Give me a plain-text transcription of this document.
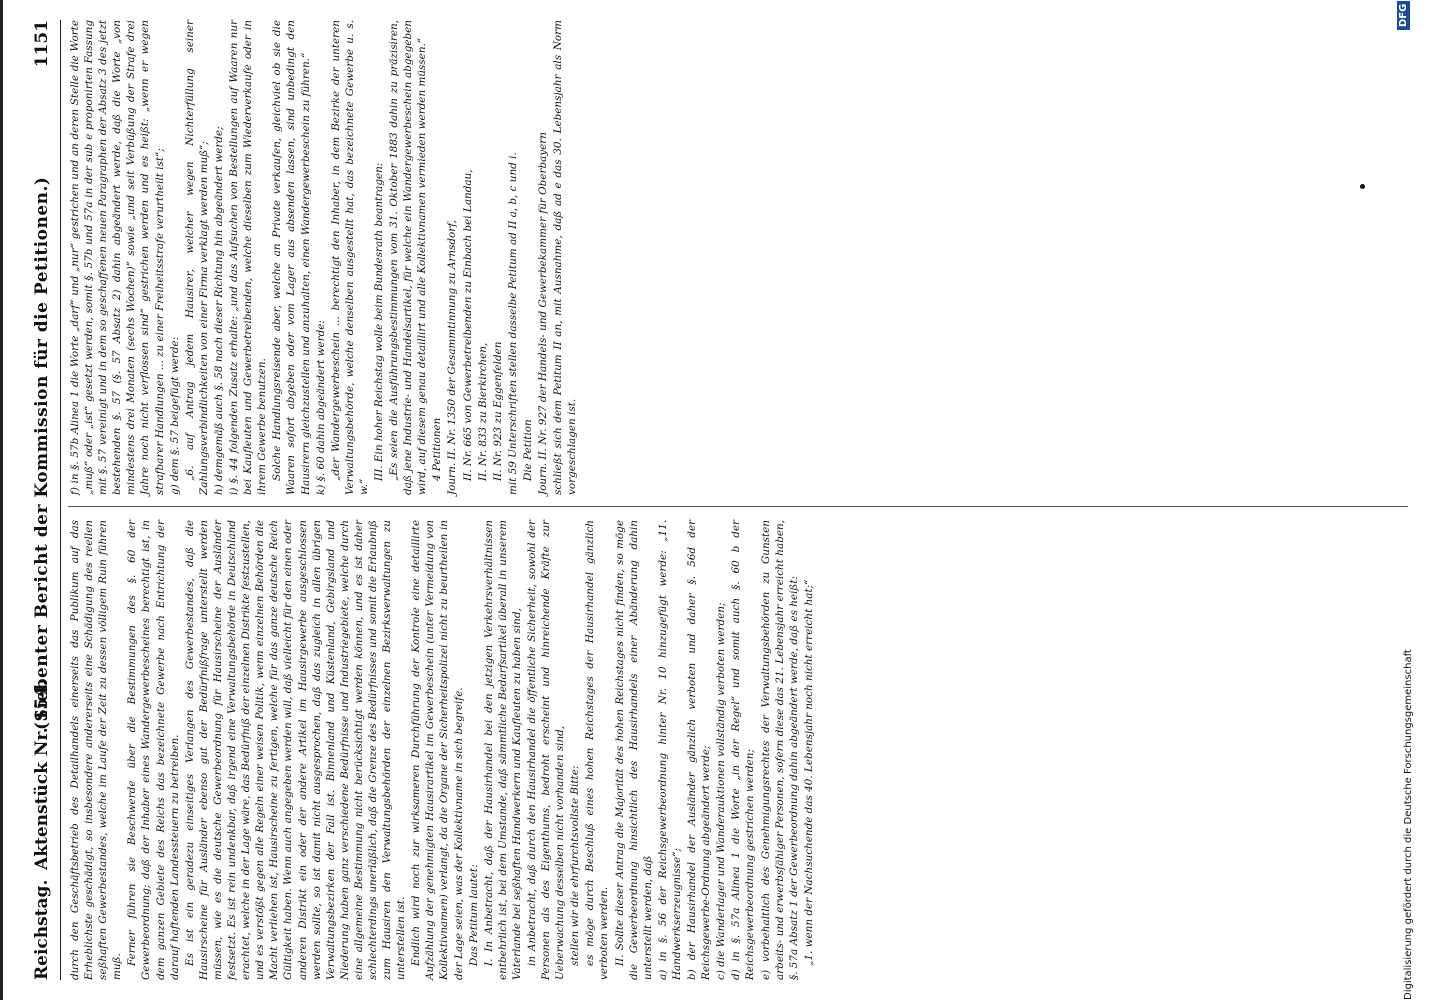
Reichstag.
Aktenstück Nr. 154.
(Siebenter Bericht der Kommission für die Petitionen.)
1151

durch den Geschäftsbetrieb des Detailhandels einerseits das Publikum auf das Erheblichste geschädigt, so insbesondere andererseits eine Schädigung des reellen seßhaften Gewerbestandes, welche im Laufe der Zeit zu dessen völligem Ruin führen muß.

Ferner führen sie Beschwerde über die Bestimmungen des §. 60 der Gewerbeordnung; daß der Inhaber eines Wandergewerbescheines berechtigt ist, in dem ganzen Gebiete des Reichs das bezeichnete Gewerbe nach Entrichtung der darauf haftenden Landessteuern zu betreiben. Es ist ein geradezu einseitiges Verlangen des Gewerbestandes, daß die Hausirscheine für Ausländer ebenso gut der Bedürfnißfrage unterstellt werden müssen, wie es die deutsche Gewerbeordnung für Hausirscheine der Ausländer festsetzt. Es ist rein undenkbar, daß irgend eine Verwaltungsbehörde in Deutschland erachtet, welche in der Lage wäre, das Bedürfniß der einzelnen Distrikte festzustellen, und es verstößt gegen alle Regeln einer weisen Politik, wenn einzelnen Behörden die Macht verliehen ist, Hausirscheine zu fertigen, welche für das ganze deutsche Reich Gültigkeit haben. Wenn auch angegeben werden will, daß vielleicht für den einen oder anderen Distrikt ein oder der andere Artikel im Hausirgewerbe ausgeschlossen werden sollte, so ist damit nicht ausgesprochen, daß das zugleich in allen übrigen Verwaltungsbezirken der Fall ist. Binnenland und Küstenland, Gebirgsland und Niederung haben ganz verschiedene Bedürfnisse und Industriegebiete, welche durch eine allgemeine Bestimmung nicht berücksichtigt werden können, und es ist daher schlechterdings unerläßlich, daß die Grenze des Bedürfnisses und somit die Erlaubniß zum Hausiren den Verwaltungsbehörden der einzelnen Bezirksverwaltungen zu unterstellen ist. Endlich wird noch zur wirksameren Durchführung der Kontrole eine detaillirte Aufzählung der genehmigten Hausirartikel im Gewerbeschein (unter Vermeidung von Kollektivnamen) verlangt, da die Organe der Sicherheitspolizei nicht zu beurtheilen in der Lage seien, was der Kollektivname in sich begreife. Das Petitum lautet: I. In Anbetracht, daß der Hausirhandel bei den jetzigen Verkehrsverhältnissen entbehrlich ist, bei dem Umstande, daß sämmtliche Bedarfsartikel überall in unserem Vaterlande bei seßhaften Handwerkern und Kaufleuten zu haben sind, in Anbetracht, daß durch den Hausirhandel die öffentliche Sicherheit, sowohl der Personen als des Eigenthums, bedroht erscheint und hinreichende Kräfte zur Ueberwachung desselben nicht vorhanden sind, stellen wir die ehrfurchtsvollste Bitte: es möge durch Beschluß eines hohen Reichstages der Hausirhandel gänzlich verboten werden. II. Sollte dieser Antrag die Majorität des hohen Reichstages nicht finden, so möge die Gewerbeordnung hinsichtlich des Hausirhandels einer Abänderung dahin unterstellt werden, daß a) in §. 56 der Reichsgewerbeordnung hinter Nr. 10 hinzugefügt werde: „11. Handwerkserzeugnisse“; b) der Hausirhandel der Ausländer gänzlich verboten und daher §. 56d der Reichsgewerbe-Ordnung abgeändert werde; c) die Wanderlager und Wanderauktionen vollständig verboten werden; d) in §. 57a Alinea 1 die Worte „in der Regel“ und somit auch §. 60 b der Reichsgewerbeordnung gestrichen werden; e) vorbehaltlich des Genehmigungsrechtes der Verwaltungsbehörden zu Gunsten arbeits- und erwerbsfähiger Personen, sofern diese das 21. Lebensjahr erreicht haben, §. 57a Absatz 1 der Gewerbeordnung dahin abgeändert werde, daß es heißt: „1. wenn der Nachsuchende das 40. Lebensjahr noch nicht erreicht hat;“

f) in §. 57b Alinea 1 die Worte „darf“ und „nur“ gestrichen und an deren Stelle die Worte „muß“ oder „ist“ gesetzt werden, somit §. 57b und 57a in der sub e proponirten Fassung mit §. 57 vereinigt und in dem so geschaffenen neuen Paragraphen der Absatz 3 des jetzt bestehenden §. 57 (§. 57 Absatz 2) dahin abgeändert werde, daß die Worte „von mindestens drei Monaten (sechs Wochen)“ sowie „und seit Verbüßung der Strafe drei Jahre noch nicht verflossen sind“ gestrichen werden und es heißt: „wenn er wegen strafbarer Handlungen ... zu einer Freiheitsstrafe verurtheilt ist“; g) dem §. 57 beigefügt werde: „6. auf Antrag jedem Hausirer, welcher wegen Nichterfüllung seiner Zahlungsverbindlichkeiten von einer Firma verklagt werden muß“; h) demgemäß auch §. 58 nach dieser Richtung hin abgeändert werde; i) §. 44 folgenden Zusatz erhalte: „und das Aufsuchen von Bestellungen auf Waaren nur bei Kaufleuten und Gewerbetreibenden, welche dieselben zum Wiederverkaufe oder in ihrem Gewerbe benutzen. Solche Handlungsreisende aber, welche an Private verkaufen, gleichviel ob sie die Waaren sofort abgeben oder vom Lager aus absenden lassen, sind unbedingt den Hausirern gleichzustellen und anzuhalten, einen Wandergewerbeschein zu führen.“ k) §. 60 dahin abgeändert werde: „der Wandergewerbeschein ... berechtigt den Inhaber, in dem Bezirke der unteren Verwaltungsbehörde, welche denselben ausgestellt hat, das bezeichnete Gewerbe u. s. w.“

III. Ein hoher Reichstag wolle beim Bundesrath beantragen: „Es seien die Ausführungsbestimmungen vom 31. Oktober 1883 dahin zu präzisiren, daß jene Industrie- und Handelsartikel, für welche ein Wandergewerbeschein abgegeben wird, auf diesem genau detaillirt und alle Kollektivnamen vermieden werden müssen.“ 4 Petitionen Journ. II. Nr. 1350 der Gesammtinnung zu Arnsdorf, II. Nr. 665 von Gewerbetreibenden zu Einbach bei Landau, II. Nr. 833 zu Bierkirchen, II. Nr. 923 zu Eggenfelden mit 59 Unterschriften stellen dasselbe Petitum ad II a, b, c und i. Die Petition Journ. II. Nr. 927 der Handels- und Gewerbekammer für Oberbayern schließt sich dem Petitum II an, mit Ausnahme, daß ad e das 30. Lebensjahr als Norm vorgeschlagen ist.

Digitalisierung gefördert durch die Deutsche Forschungsgemeinschaft
DFG
